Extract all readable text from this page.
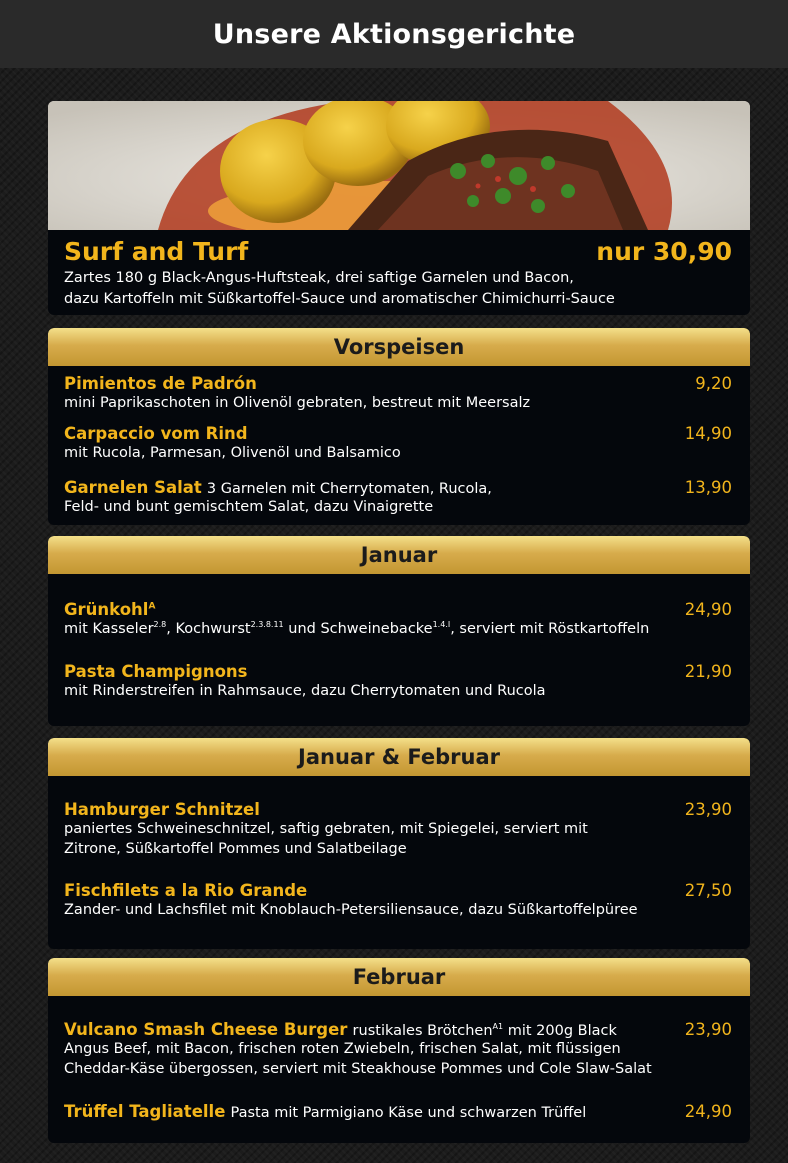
Unsere Aktionsgerichte
Surf and Turf	nur 30,90
Zartes 180 g Black-Angus-Huftsteak, drei saftige Garnelen und Bacon,
dazu Kartoffeln mit Süßkartoffel-Sauce und aromatischer Chimichurri-Sauce
Vorspeisen
Pimientos de Padrón	9,20
mini Paprikaschoten in Olivenöl gebraten, bestreut mit Meersalz
Carpaccio vom Rind	14,90
mit Rucola, Parmesan, Olivenöl und Balsamico
Garnelen Salat 3 Garnelen mit Cherrytomaten, Rucola,	13,90
Feld- und bunt gemischtem Salat, dazu Vinaigrette
Januar
Grünkohl$^A$	24,90
mit Kasseler$^{2.8}$, Kochwurst$^{2.3.8.11}$ und Schweinebacke$^{1.4.I}$, serviert mit Röstkartoffeln
Pasta Champignons	21,90
mit Rinderstreifen in Rahmsauce, dazu Cherrytomaten und Rucola
Januar & Februar
Hamburger Schnitzel	23,90
paniertes Schweineschnitzel, saftig gebraten, mit Spiegelei, serviert mit
Zitrone, Süßkartoffel Pommes und Salatbeilage
Fischfilets a la Rio Grande	27,50
Zander- und Lachsfilet mit Knoblauch-Petersiliensauce, dazu Süßkartoffelpüree
Februar
Vulcano Smash Cheese Burger rustikales Brötchen$^{A1}$ mit 200g Black	23,90
Angus Beef, mit Bacon, frischen roten Zwiebeln, frischen Salat, mit flüssigen
Cheddar-Käse übergossen, serviert mit Steakhouse Pommes und Cole Slaw-Salat
Trüffel Tagliatelle Pasta mit Parmigiano Käse und schwarzen Trüffel	24,90
